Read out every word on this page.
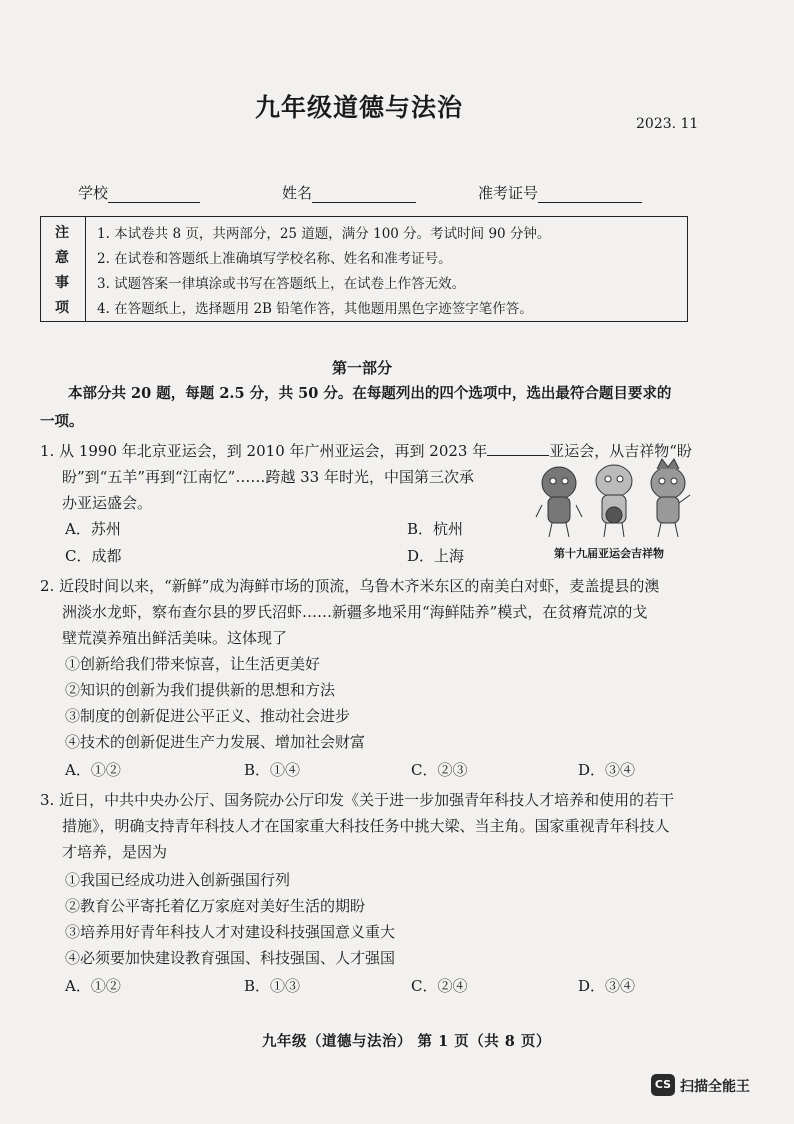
九年级道德与法治
2023. 11
学校	姓名	准考证号
注
意
事
项
1. 本试卷共 8 页，共两部分，25 道题，满分 100 分。考试时间 90 分钟。
2. 在试卷和答题纸上准确填写学校名称、姓名和准考证号。
3. 试题答案一律填涂或书写在答题纸上，在试卷上作答无效。
4. 在答题纸上，选择题用 2B 铅笔作答，其他题用黑色字迹签字笔作答。
第一部分
本部分共 20 题，每题 2.5 分，共 50 分。在每题列出的四个选项中，选出最符合题目要求的
一项。
1. 从 1990 年北京亚运会，到 2010 年广州亚运会，再到 2023 年	亚运会，从吉祥物“盼
盼”到“五羊”再到“江南忆”……跨越 33 年时光，中国第三次承
办亚运盛会。
A．苏州	B．杭州
C．成都	D．上海	第十九届亚运会吉祥物
2. 近段时间以来，“新鲜”成为海鲜市场的顶流，乌鲁木齐米东区的南美白对虾，麦盖提县的澳
洲淡水龙虾，察布查尔县的罗氏沼虾……新疆多地采用“海鲜陆养”模式，在贫瘠荒凉的戈
壁荒漠养殖出鲜活美味。这体现了
①创新给我们带来惊喜，让生活更美好
②知识的创新为我们提供新的思想和方法
③制度的创新促进公平正义、推动社会进步
④技术的创新促进生产力发展、增加社会财富
A．①②	B．①④	C．②③	D．③④
3. 近日，中共中央办公厅、国务院办公厅印发《关于进一步加强青年科技人才培养和使用的若干
措施》，明确支持青年科技人才在国家重大科技任务中挑大梁、当主角。国家重视青年科技人
才培养，是因为
①我国已经成功进入创新强国行列
②教育公平寄托着亿万家庭对美好生活的期盼
③培养用好青年科技人才对建设科技强国意义重大
④必须要加快建设教育强国、科技强国、人才强国
A．①②	B．①③	C．②④	D．③④
九年级（道德与法治） 第 1 页（共 8 页）
CS 扫描全能王
